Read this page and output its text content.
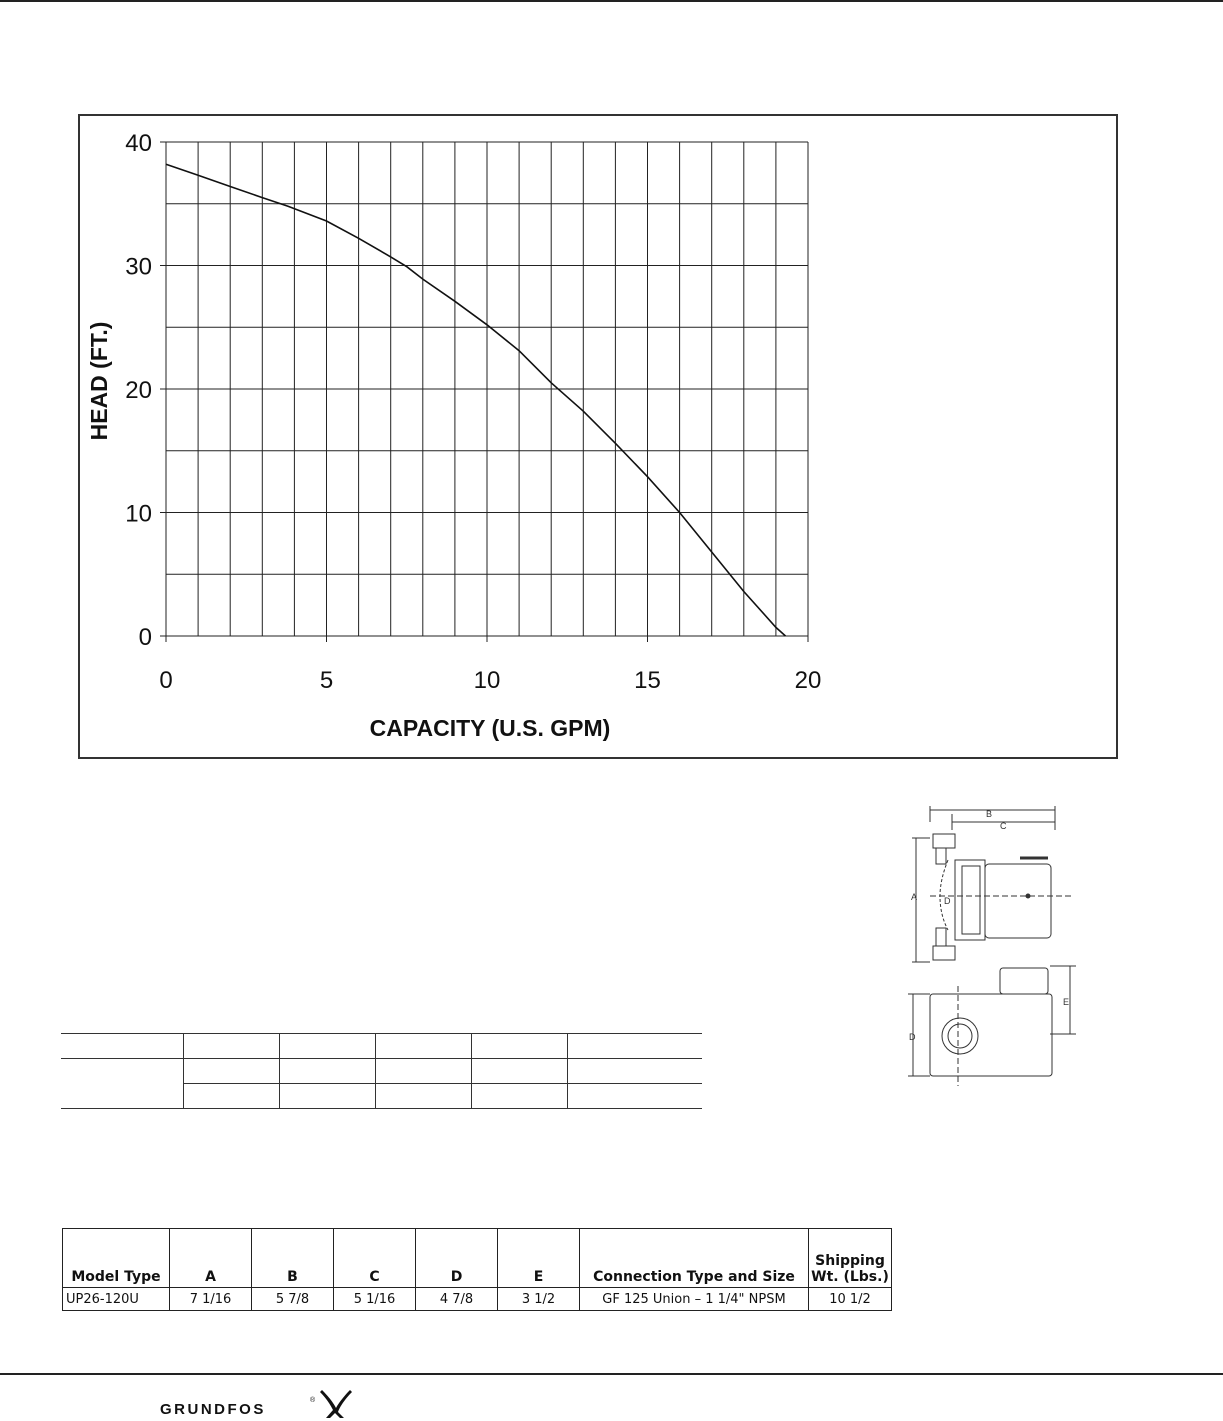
0	5	10	15	20
0
10
20
30
40
CAPACITY (U.S. GPM)
HEAD (FT.)
B
C
A	D
D
E

Model Type	A	B	C	D	E	Connection Type and Size	Shipping Wt. (Lbs.)
UP26-120U	7 1/16	5 7/8	5 1/16	4 7/8	3 1/2	GF 125 Union – 1 1/4" NPSM	10 1/2
GRUNDFOS
®
